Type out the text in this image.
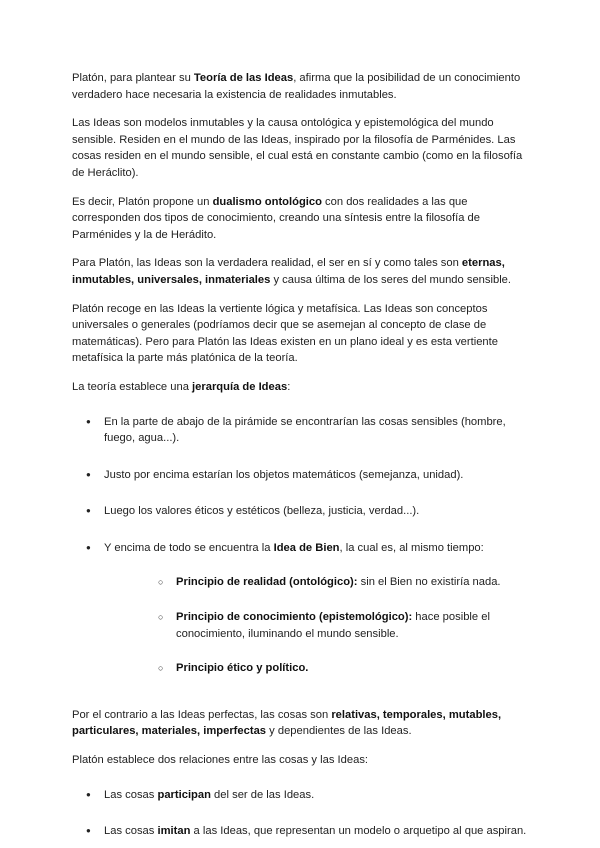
Platón, para plantear su Teoría de las Ideas, afirma que la posibilidad de un conocimiento verdadero hace necesaria la existencia de realidades inmutables.

Las Ideas son modelos inmutables y la causa ontológica y epistemológica del mundo sensible. Residen en el mundo de las Ideas, inspirado por la filosofía de Parménides. Las cosas residen en el mundo sensible, el cual está en constante cambio (como en la filosofía de Heráclito).

Es decir, Platón propone un dualismo ontológico con dos realidades a las que corresponden dos tipos de conocimiento, creando una síntesis entre la filosofía de Parménides y la de Herádito.

Para Platón, las Ideas son la verdadera realidad, el ser en sí y como tales son eternas, inmutables, universales, inmateriales y causa última de los seres del mundo sensible.

Platón recoge en las Ideas la vertiente lógica y metafísica. Las Ideas son conceptos universales o generales (podríamos decir que se asemejan al concepto de clase de matemáticas). Pero para Platón las Ideas existen en un plano ideal y es esta vertiente metafísica la parte más platónica de la teoría.

La teoría establece una jerarquía de Ideas:

● En la parte de abajo de la pirámide se encontrarían las cosas sensibles (hombre, fuego, agua...).
● Justo por encima estarían los objetos matemáticos (semejanza, unidad).
● Luego los valores éticos y estéticos (belleza, justicia, verdad...).
● Y encima de todo se encuentra la Idea de Bien, la cual es, al mismo tiempo:
○ Principio de realidad (ontológico): sin el Bien no existiría nada.
○ Principio de conocimiento (epistemológico): hace posible el conocimiento, iluminando el mundo sensible.
○ Principio ético y político.

Por el contrario a las Ideas perfectas, las cosas son relativas, temporales, mutables, particulares, materiales, imperfectas y dependientes de las Ideas.

Platón establece dos relaciones entre las cosas y las Ideas:

● Las cosas participan del ser de las Ideas.
● Las cosas imitan a las Ideas, que representan un modelo o arquetipo al que aspiran.
